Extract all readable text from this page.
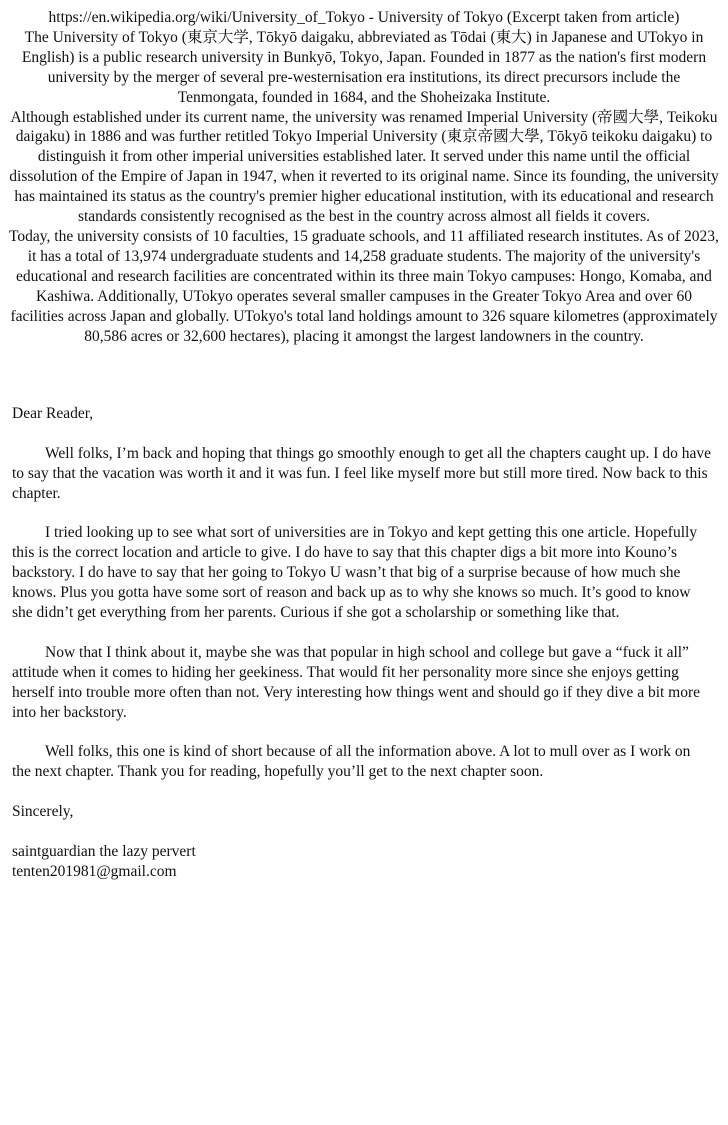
https://en.wikipedia.org/wiki/University_of_Tokyo - University of Tokyo (Excerpt taken from article)

The University of Tokyo (東京大学, Tōkyō daigaku, abbreviated as Tōdai (東大) in Japanese and UTokyo in English) is a public research university in Bunkyō, Tokyo, Japan. Founded in 1877 as the nation's first modern university by the merger of several pre-westernisation era institutions, its direct precursors include the Tenmongata, founded in 1684, and the Shoheizaka Institute.

Although established under its current name, the university was renamed Imperial University (帝國大學, Teikoku daigaku) in 1886 and was further retitled Tokyo Imperial University (東京帝國大學, Tōkyō teikoku daigaku) to distinguish it from other imperial universities established later. It served under this name until the official dissolution of the Empire of Japan in 1947, when it reverted to its original name. Since its founding, the university has maintained its status as the country's premier higher educational institution, with its educational and research standards consistently recognised as the best in the country across almost all fields it covers.

Today, the university consists of 10 faculties, 15 graduate schools, and 11 affiliated research institutes. As of 2023, it has a total of 13,974 undergraduate students and 14,258 graduate students. The majority of the university's educational and research facilities are concentrated within its three main Tokyo campuses: Hongo, Komaba, and Kashiwa. Additionally, UTokyo operates several smaller campuses in the Greater Tokyo Area and over 60 facilities across Japan and globally. UTokyo's total land holdings amount to 326 square kilometres (approximately 80,586 acres or 32,600 hectares), placing it amongst the largest landowners in the country.

Dear Reader,

Well folks, I’m back and hoping that things go smoothly enough to get all the chapters caught up. I do have to say that the vacation was worth it and it was fun. I feel like myself more but still more tired. Now back to this chapter.

I tried looking up to see what sort of universities are in Tokyo and kept getting this one article. Hopefully this is the correct location and article to give. I do have to say that this chapter digs a bit more into Kouno’s backstory. I do have to say that her going to Tokyo U wasn’t that big of a surprise because of how much she knows. Plus you gotta have some sort of reason and back up as to why she knows so much. It’s good to know she didn’t get everything from her parents. Curious if she got a scholarship or something like that.

Now that I think about it, maybe she was that popular in high school and college but gave a “fuck it all” attitude when it comes to hiding her geekiness. That would fit her personality more since she enjoys getting herself into trouble more often than not. Very interesting how things went and should go if they dive a bit more into her backstory.

Well folks, this one is kind of short because of all the information above. A lot to mull over as I work on the next chapter. Thank you for reading, hopefully you’ll get to the next chapter soon.

Sincerely,

saintguardian the lazy pervert

tenten201981@gmail.com
